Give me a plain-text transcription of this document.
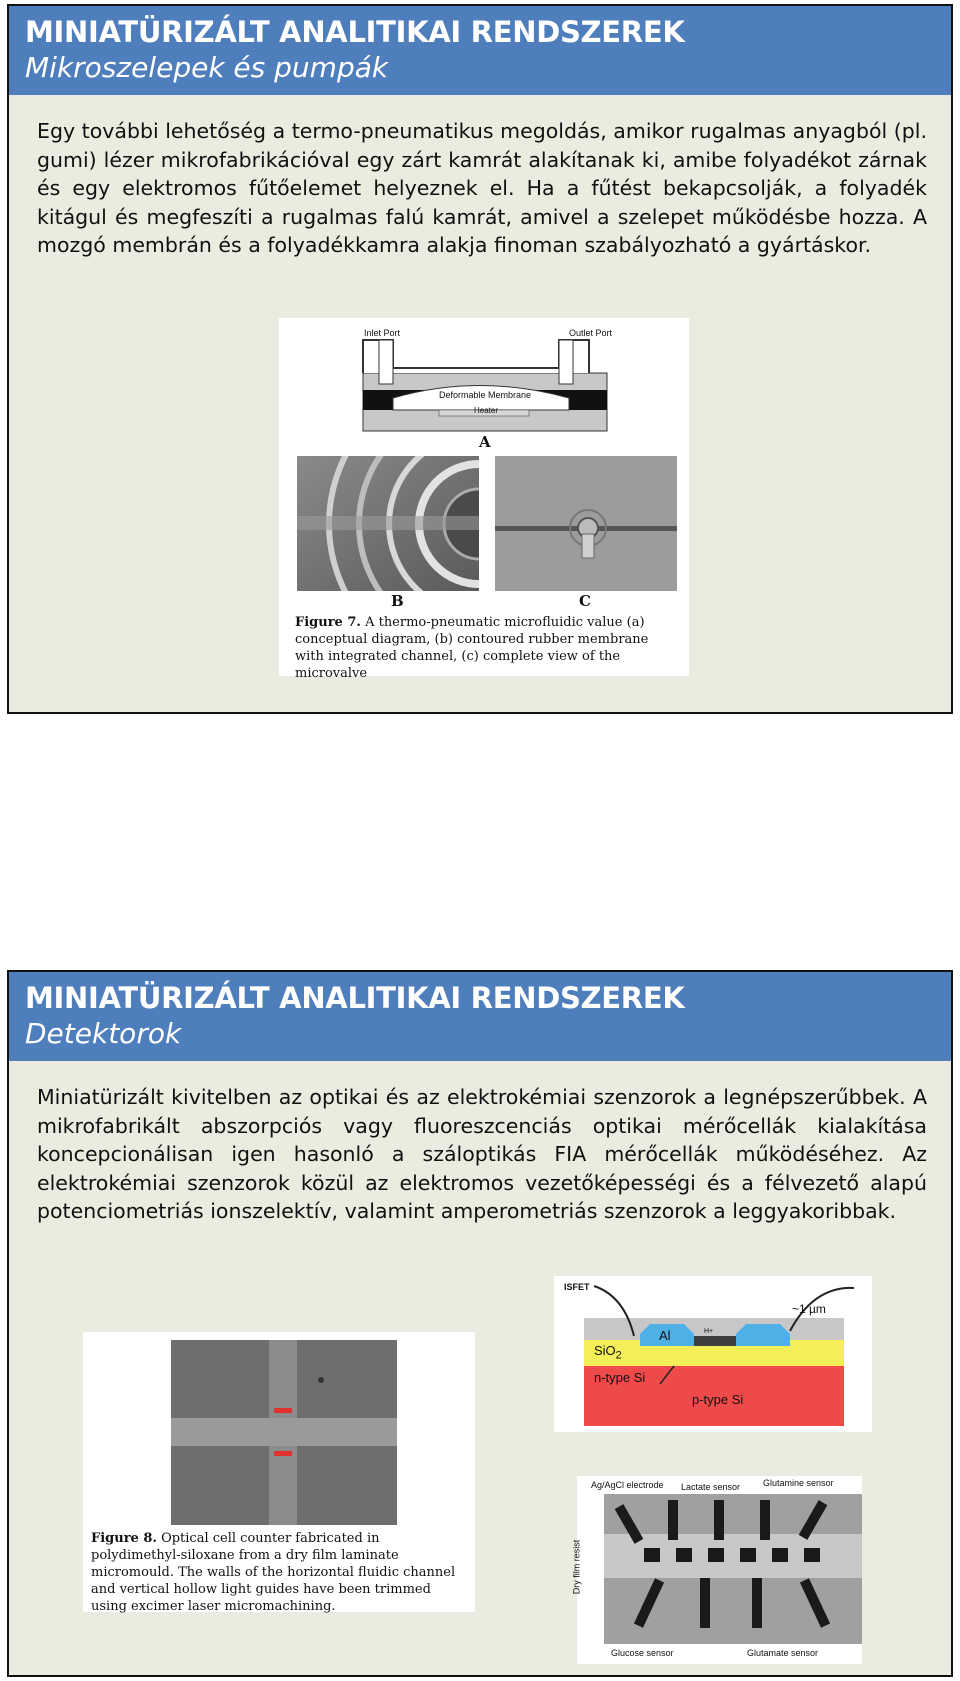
MINIATÜRIZÁLT ANALITIKAI RENDSZEREK
Mikroszelepek és pumpák
Egy további lehetőség a termo-pneumatikus megoldás, amikor rugalmas anyagból (pl. gumi) lézer mikrofabrikációval egy zárt kamrát alakítanak ki, amibe folyadékot zárnak és egy elektromos fűtőelemet helyeznek el. Ha a fűtést bekapcsolják, a folyadék kitágul és megfeszíti a rugalmas falú kamrát, amivel a szelepet működésbe hozza. A mozgó membrán és a folyadékkamra alakja finoman szabályozható a gyártáskor.
Inlet Port	Outlet Port
Deformable Membrane
Heater
A
B	C
Figure 7. A thermo-pneumatic microfluidic value (a) conceptual diagram, (b) contoured rubber membrane with integrated channel, (c) complete view of the microvalve
MINIATÜRIZÁLT ANALITIKAI RENDSZEREK
Detektorok
Miniatürizált kivitelben az optikai és az elektrokémiai szenzorok a legnépszerűbbek. A mikrofabrikált abszorpciós vagy fluoreszcenciás optikai mérőcellák kialakítása koncepcionálisan igen hasonló a száloptikás FIA mérőcellák működéséhez. Az elektrokémiai szenzorok közül az elektromos vezetőképességi és a félvezető alapú potenciometriás ionszelektív, valamint amperometriás szenzorok a leggyakoribbak.
Figure 8. Optical cell counter fabricated in polydimethyl-siloxane from a dry film laminate micromould. The walls of the horizontal fluidic channel and vertical hollow light guides have been trimmed using excimer laser micromachining.
ISFET
~1 µm
SiO$_2$
Al	H+
n-type Si
p-type Si
Ag/AgCl electrode Lactate sensor	Glutamine sensor
Dry film resist
Glucose sensor	Glutamate sensor
